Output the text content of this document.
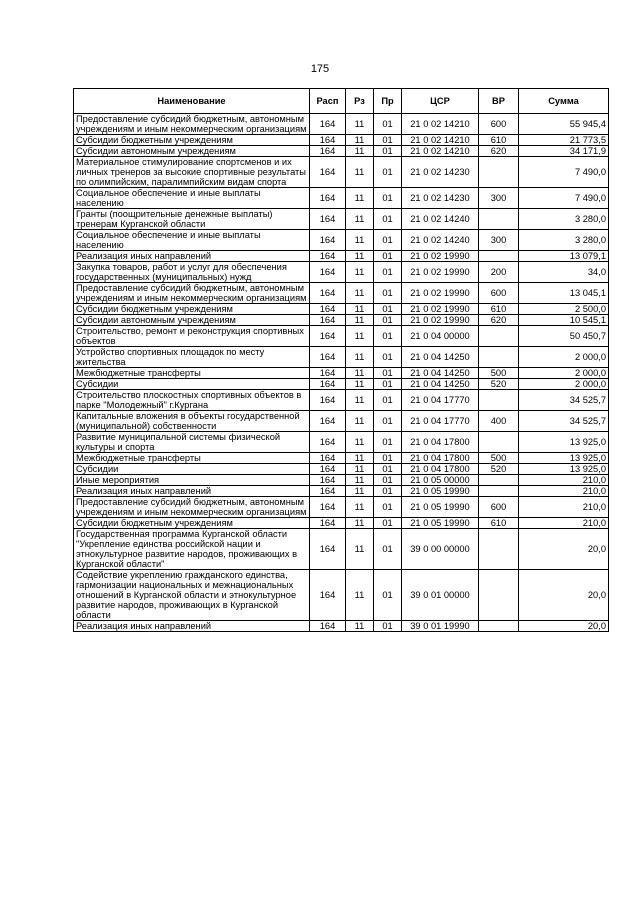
175
Наименование	Расп	Рз	Пр	ЦСР	ВР	Сумма
Предоставление субсидий бюджетным, автономным учреждениям и иным некоммерческим организациям	164	11	01	21 0 02 14210	600	55 945,4
Субсидии бюджетным учреждениям	164	11	01	21 0 02 14210	610	21 773,5
Субсидии автономным учреждениям	164	11	01	21 0 02 14210	620	34 171,9
Материальное стимулирование спортсменов и их личных тренеров за высокие спортивные результаты по олимпийским, паралимпийским видам спорта	164	11	01	21 0 02 14230		7 490,0
Социальное обеспечение и иные выплаты населению	164	11	01	21 0 02 14230	300	7 490,0
Гранты (поощрительные денежные выплаты) тренерам Курганской области	164	11	01	21 0 02 14240		3 280,0
Социальное обеспечение и иные выплаты населению	164	11	01	21 0 02 14240	300	3 280,0
Реализация иных направлений	164	11	01	21 0 02 19990		13 079,1
Закупка товаров, работ и услуг для обеспечения государственных (муниципальных) нужд	164	11	01	21 0 02 19990	200	34,0
Предоставление субсидий бюджетным, автономным учреждениям и иным некоммерческим организациям	164	11	01	21 0 02 19990	600	13 045,1
Субсидии бюджетным учреждениям	164	11	01	21 0 02 19990	610	2 500,0
Субсидии автономным учреждениям	164	11	01	21 0 02 19990	620	10 545,1
Строительство, ремонт и реконструкция спортивных объектов	164	11	01	21 0 04 00000		50 450,7
Устройство спортивных площадок по месту жительства	164	11	01	21 0 04 14250		2 000,0
Межбюджетные трансферты	164	11	01	21 0 04 14250	500	2 000,0
Субсидии	164	11	01	21 0 04 14250	520	2 000,0
Строительство плоскостных спортивных объектов в парке "Молодежный" г.Кургана	164	11	01	21 0 04 17770		34 525,7
Капитальные вложения в объекты государственной (муниципальной) собственности	164	11	01	21 0 04 17770	400	34 525,7
Развитие муниципальной системы физической культуры и спорта	164	11	01	21 0 04 17800		13 925,0
Межбюджетные трансферты	164	11	01	21 0 04 17800	500	13 925,0
Субсидии	164	11	01	21 0 04 17800	520	13 925,0
Иные мероприятия	164	11	01	21 0 05 00000		210,0
Реализация иных направлений	164	11	01	21 0 05 19990		210,0
Предоставление субсидий бюджетным, автономным учреждениям и иным некоммерческим организациям	164	11	01	21 0 05 19990	600	210,0
Субсидии бюджетным учреждениям	164	11	01	21 0 05 19990	610	210,0
Государственная программа Курганской области "Укрепление единства российской нации и этнокультурное развитие народов, проживающих в Курганской области"	164	11	01	39 0 00 00000		20,0
Содействие укреплению гражданского единства, гармонизации национальных и межнациональных отношений в Курганской области и этнокультурное развитие народов, проживающих в Курганской области	164	11	01	39 0 01 00000		20,0
Реализация иных направлений	164	11	01	39 0 01 19990		20,0
